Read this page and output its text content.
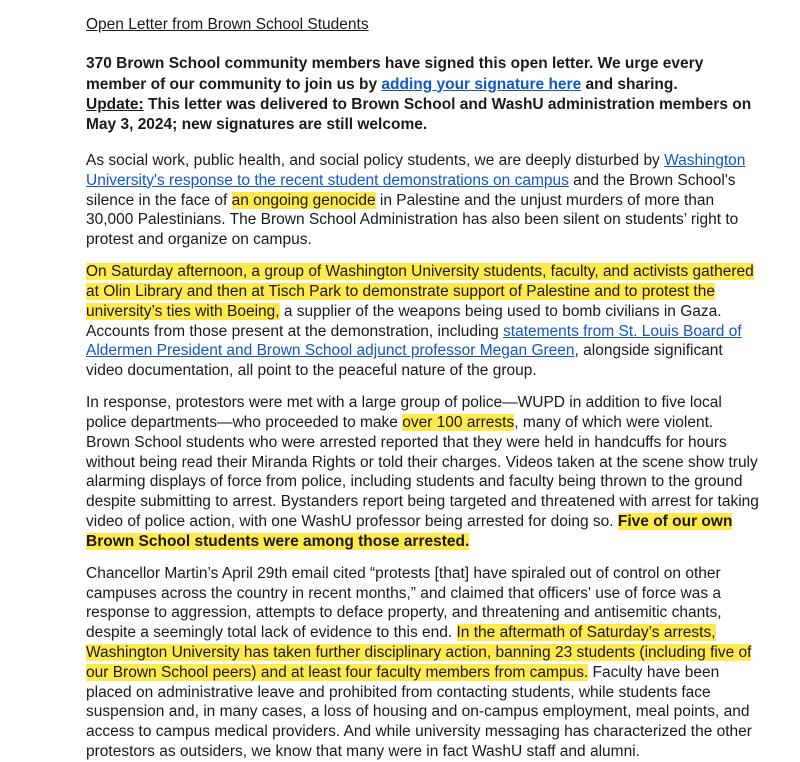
Open Letter from Brown School Students
370 Brown School community members have signed this open letter. We urge every member of our community to join us by adding your signature here and sharing.
Update: This letter was delivered to Brown School and WashU administration members on May 3, 2024; new signatures are still welcome.

As social work, public health, and social policy students, we are deeply disturbed by Washington University's response to the recent student demonstrations on campus and the Brown School's silence in the face of an ongoing genocide in Palestine and the unjust murders of more than 30,000 Palestinians. The Brown School Administration has also been silent on students’ right to protest and organize on campus.

On Saturday afternoon, a group of Washington University students, faculty, and activists gathered at Olin Library and then at Tisch Park to demonstrate support of Palestine and to protest the university’s ties with Boeing, a supplier of the weapons being used to bomb civilians in Gaza. Accounts from those present at the demonstration, including statements from St. Louis Board of Aldermen President and Brown School adjunct professor Megan Green, alongside significant video documentation, all point to the peaceful nature of the group.

In response, protestors were met with a large group of police—WUPD in addition to five local police departments—who proceeded to make over 100 arrests, many of which were violent. Brown School students who were arrested reported that they were held in handcuffs for hours without being read their Miranda Rights or told their charges. Videos taken at the scene show truly alarming displays of force from police, including students and faculty being thrown to the ground despite submitting to arrest. Bystanders report being targeted and threatened with arrest for taking video of police action, with one WashU professor being arrested for doing so. Five of our own Brown School students were among those arrested.

Chancellor Martin’s April 29th email cited “protests [that] have spiraled out of control on other campuses across the country in recent months,” and claimed that officers' use of force was a response to aggression, attempts to deface property, and threatening and antisemitic chants, despite a seemingly total lack of evidence to this end. In the aftermath of Saturday’s arrests, Washington University has taken further disciplinary action, banning 23 students (including five of our Brown School peers) and at least four faculty members from campus. Faculty have been placed on administrative leave and prohibited from contacting students, while students face suspension and, in many cases, a loss of housing and on-campus employment, meal points, and access to campus medical providers. And while university messaging has characterized the other protestors as outsiders, we know that many were in fact WashU staff and alumni.
